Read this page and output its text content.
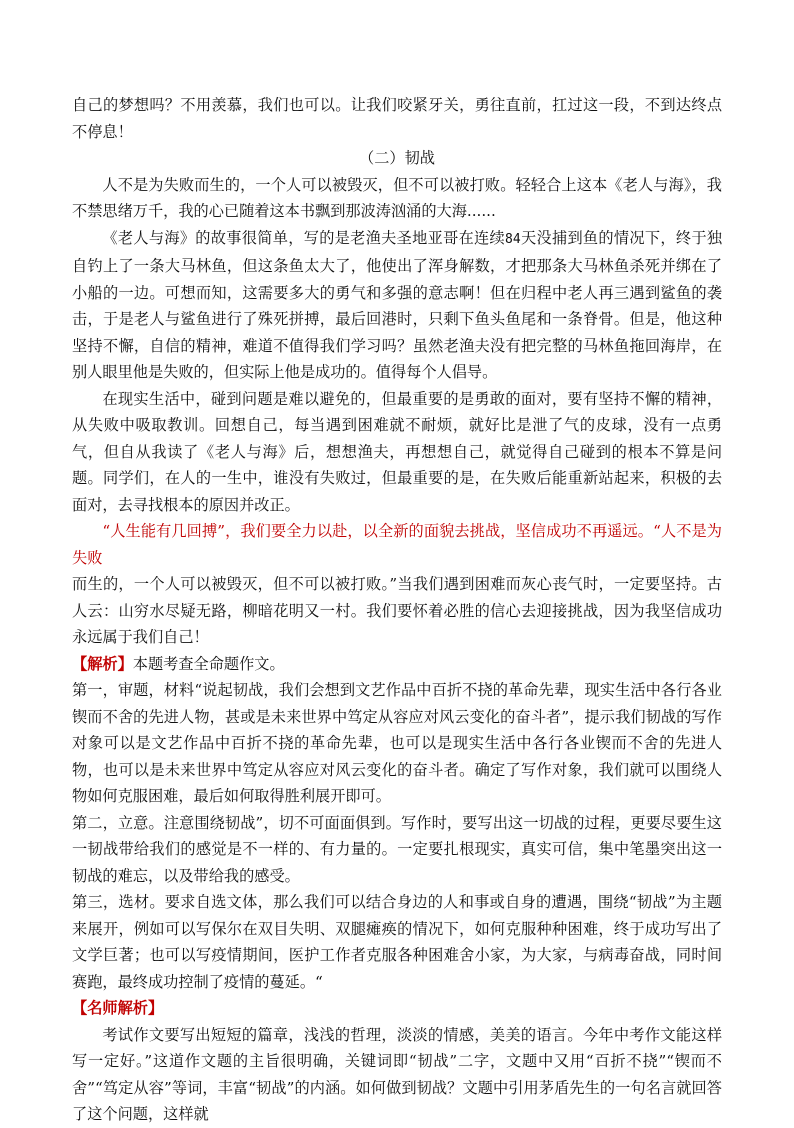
自己的梦想吗？不用羡慕，我们也可以。让我们咬紧牙关，勇往直前，扛过这一段，不到达终点不停息！

（二）韧战

人不是为失败而生的，一个人可以被毁灭，但不可以被打败。轻轻合上这本《老人与海》，我不禁思绪万千，我的心已随着这本书飘到那波涛汹涌的大海......

《老人与海》的故事很简单，写的是老渔夫圣地亚哥在连续84天没捕到鱼的情况下，终于独自钓上了一条大马林鱼，但这条鱼太大了，他使出了浑身解数，才把那条大马林鱼杀死并绑在了小船的一边。可想而知，这需要多大的勇气和多强的意志啊！但在归程中老人再三遇到鲨鱼的袭击，于是老人与鲨鱼进行了殊死拼搏，最后回港时，只剩下鱼头鱼尾和一条脊骨。但是，他这种坚持不懈，自信的精神，难道不值得我们学习吗？虽然老渔夫没有把完整的马林鱼拖回海岸，在别人眼里他是失败的，但实际上他是成功的。值得每个人倡导。

在现实生活中，碰到问题是难以避免的，但最重要的是勇敢的面对，要有坚持不懈的精神，从失败中吸取教训。回想自己，每当遇到困难就不耐烦，就好比是泄了气的皮球，没有一点勇气，但自从我读了《老人与海》后，想想渔夫，再想想自己，就觉得自己碰到的根本不算是问题。同学们，在人的一生中，谁没有失败过，但最重要的是，在失败后能重新站起来，积极的去面对，去寻找根本的原因并改正。

“人生能有几回搏”，我们要全力以赴，以全新的面貌去挑战，坚信成功不再遥远。“人不是为失败

而生的，一个人可以被毁灭，但不可以被打败。”当我们遇到困难而灰心丧气时，一定要坚持。古人云：山穷水尽疑无路，柳暗花明又一村。我们要怀着必胜的信心去迎接挑战，因为我坚信成功永远属于我们自己！

【解析】本题考查全命题作文。

第一，审题，材料“说起韧战，我们会想到文艺作品中百折不挠的革命先辈，现实生活中各行各业锲而不舍的先进人物，甚或是未来世界中笃定从容应对风云变化的奋斗者”，提示我们韧战的写作对象可以是文艺作品中百折不挠的革命先辈，也可以是现实生活中各行各业锲而不舍的先进人物，也可以是未来世界中笃定从容应对风云变化的奋斗者。确定了写作对象，我们就可以围绕人物如何克服困难，最后如何取得胜利展开即可。

第二，立意。注意围绕韧战”，切不可面面俱到。写作时，要写出这一切战的过程，更要尽要生这一韧战带给我们的感觉是不一样的、有力量的。一定要扎根现实，真实可信，集中笔墨突出这一韧战的难忘，以及带给我的感受。

第三，选材。要求自选文体，那么我们可以结合身边的人和事或自身的遭遇，围绕“韧战”为主题来展开，例如可以写保尔在双目失明、双腿瘫痪的情况下，如何克服种种困难，终于成功写出了文学巨著；也可以写疫情期间，医护工作者克服各种困难舍小家，为大家，与病毒奋战，同时间赛跑，最终成功控制了疫情的蔓延。“

【名师解析】

考试作文要写出短短的篇章，浅浅的哲理，淡淡的情感，美美的语言。今年中考作文能这样写一定好。”这道作文题的主旨很明确，关键词即“韧战”二字，文题中又用“百折不挠”“锲而不舍”“笃定从容”等词，丰富“韧战”的内涵。如何做到韧战？文题中引用茅盾先生的一句名言就回答了这个问题，这样就
